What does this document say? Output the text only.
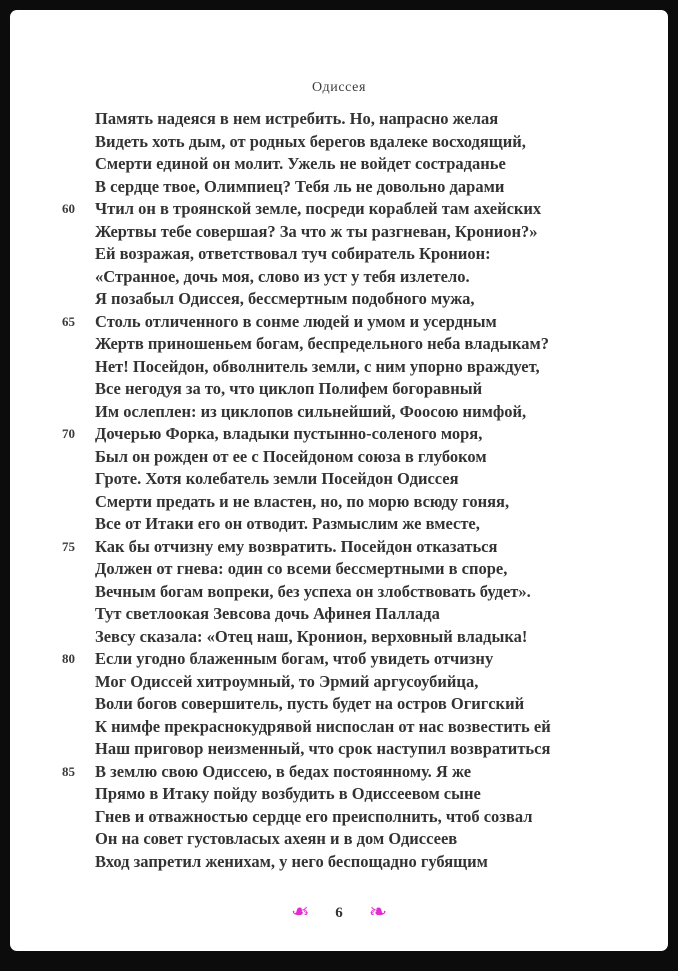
Одиссея
Память надеяся в нем истребить. Но, напрасно желая
Видеть хоть дым, от родных берегов вдалеке восходящий,
Смерти единой он молит. Ужель не войдет состраданье
В сердце твое, Олимпиец? Тебя ль не довольно дарами
60 Чтил он в троянской земле, посреди кораблей там ахейских
Жертвы тебе совершая? За что ж ты разгневан, Кронион?»
Ей возражая, ответствовал туч собиратель Кронион:
«Странное, дочь моя, слово из уст у тебя излетело.
Я позабыл Одиссея, бессмертным подобного мужа,
65 Столь отличенного в сонме людей и умом и усердным
Жертв приношеньем богам, беспредельного неба владыкам?
Нет! Посейдон, обволнитель земли, с ним упорно враждует,
Все негодуя за то, что циклоп Полифем богоравный
Им ослеплен: из циклопов сильнейший, Фоосою нимфой,
70 Дочерью Форка, владыки пустынно-соленого моря,
Был он рожден от ее с Посейдоном союза в глубоком
Гроте. Хотя колебатель земли Посейдон Одиссея
Смерти предать и не властен, но, по морю всюду гоняя,
Все от Итаки его он отводит. Размыслим же вместе,
75 Как бы отчизну ему возвратить. Посейдон отказаться
Должен от гнева: один со всеми бессмертными в споре,
Вечным богам вопреки, без успеха он злобствовать будет».
Тут светлоокая Зевсова дочь Афинея Паллада
Зевсу сказала: «Отец наш, Кронион, верховный владыка!
80 Если угодно блаженным богам, чтоб увидеть отчизну
Мог Одиссей хитроумный, то Эрмий аргусоубийца,
Воли богов совершитель, пусть будет на остров Огигский
К нимфе прекраснокудрявой ниспослан от нас возвестить ей
Наш приговор неизменный, что срок наступил возвратиться
85 В землю свою Одиссею, в бедах постоянному. Я же
Прямо в Итаку пойду возбудить в Одиссеевом сыне
Гнев и отважностью сердце его преисполнить, чтоб созвал
Он на совет густовласых ахеян и в дом Одиссеев
Вход запретил женихам, у него беспощадно губящим
❧ 6 ❧
